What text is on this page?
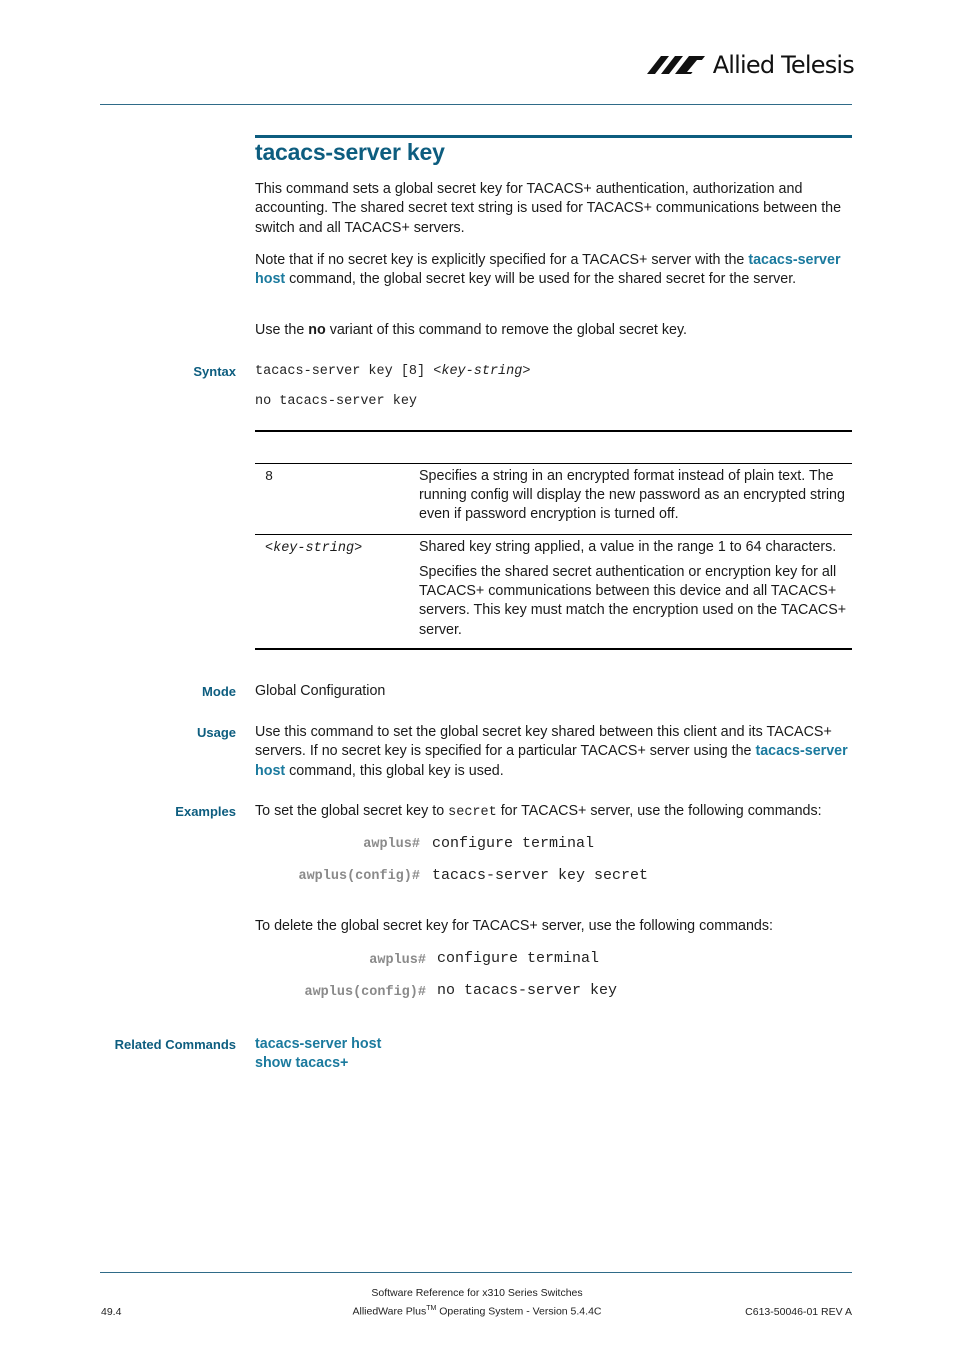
Allied Telesis
tacacs-server key
This command sets a global secret key for TACACS+ authentication, authorization and accounting. The shared secret text string is used for TACACS+ communications between the switch and all TACACS+ servers.
Note that if no secret key is explicitly specified for a TACACS+ server with the tacacs-server host command, the global secret key will be used for the shared secret for the server.
Use the no variant of this command to remove the global secret key.
Syntax tacacs-server key [8] <key-string>
no tacacs-server key
8	Specifies a string in an encrypted format instead of plain text. The running config will display the new password as an encrypted string even if password encryption is turned off.
<key-string>	Shared key string applied, a value in the range 1 to 64 characters.
Specifies the shared secret authentication or encryption key for all TACACS+ communications between this device and all TACACS+ servers. This key must match the encryption used on the TACACS+ server.
Mode Global Configuration
Usage Use this command to set the global secret key shared between this client and its TACACS+ servers. If no secret key is specified for a particular TACACS+ server using the tacacs-server host command, this global key is used.
Examples To set the global secret key to secret for TACACS+ server, use the following commands:
awplus# configure terminal
awplus(config)# tacacs-server key secret
To delete the global secret key for TACACS+ server, use the following commands:
awplus# configure terminal
awplus(config)# no tacacs-server key
Related Commands tacacs-server host
show tacacs+
Software Reference for x310 Series Switches
AlliedWare Plus™ Operating System - Version 5.4.4C
49.4	C613-50046-01 REV A
